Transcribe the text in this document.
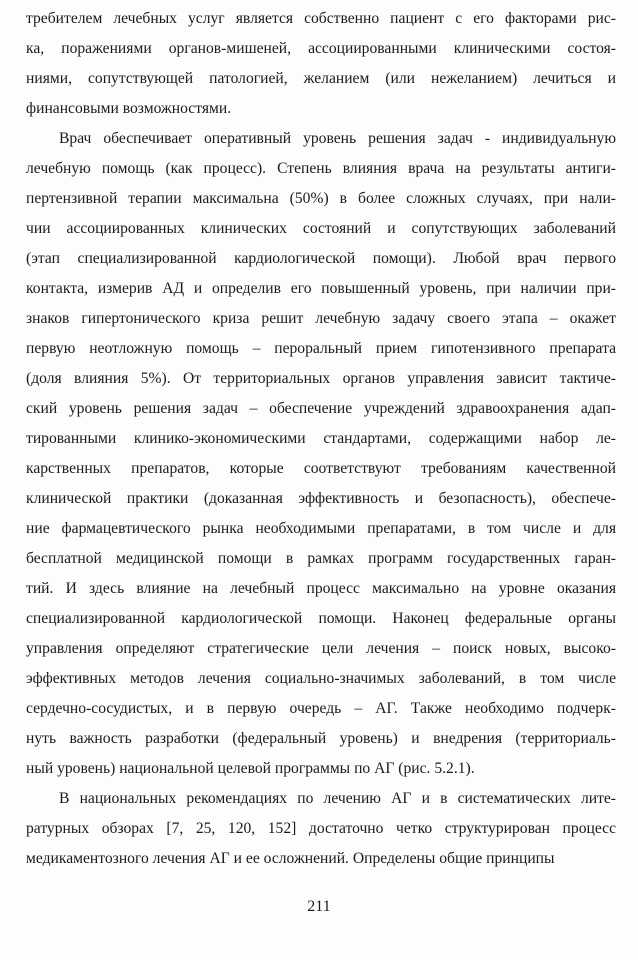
требителем лечебных услуг является собственно пациент с его факторами рис-
ка, поражениями органов-мишеней, ассоциированными клиническими состоя-
ниями, сопутствующей патологией, желанием (или нежеланием) лечиться и
финансовыми возможностями.
Врач обеспечивает оперативный уровень решения задач - индивидуальную
лечебную помощь (как процесс). Степень влияния врача на результаты антиги-
пертензивной терапии максимальна (50%) в более сложных случаях, при нали-
чии ассоциированных клинических состояний и сопутствующих заболеваний
(этап специализированной кардиологической помощи). Любой врач первого
контакта, измерив АД и определив его повышенный уровень, при наличии при-
знаков гипертонического криза решит лечебную задачу своего этапа – окажет
первую неотложную помощь – пероральный прием гипотензивного препарата
(доля влияния 5%). От территориальных органов управления зависит тактиче-
ский уровень решения задач – обеспечение учреждений здравоохранения адап-
тированными клинико-экономическими стандартами, содержащими набор ле-
карственных препаратов, которые соответствуют требованиям качественной
клинической практики (доказанная эффективность и безопасность), обеспече-
ние фармацевтического рынка необходимыми препаратами, в том числе и для
бесплатной медицинской помощи в рамках программ государственных гаран-
тий. И здесь влияние на лечебный процесс максимально на уровне оказания
специализированной кардиологической помощи. Наконец федеральные органы
управления определяют стратегические цели лечения – поиск новых, высоко-
эффективных методов лечения социально-значимых заболеваний, в том числе
сердечно-сосудистых, и в первую очередь – АГ. Также необходимо подчерк-
нуть важность разработки (федеральный уровень) и внедрения (территориаль-
ный уровень) национальной целевой программы по АГ (рис. 5.2.1).
В национальных рекомендациях по лечению АГ и в систематических лите-
ратурных обзорах [7, 25, 120, 152] достаточно четко структурирован процесс
медикаментозного лечения АГ и ее осложнений. Определены общие принципы
211
